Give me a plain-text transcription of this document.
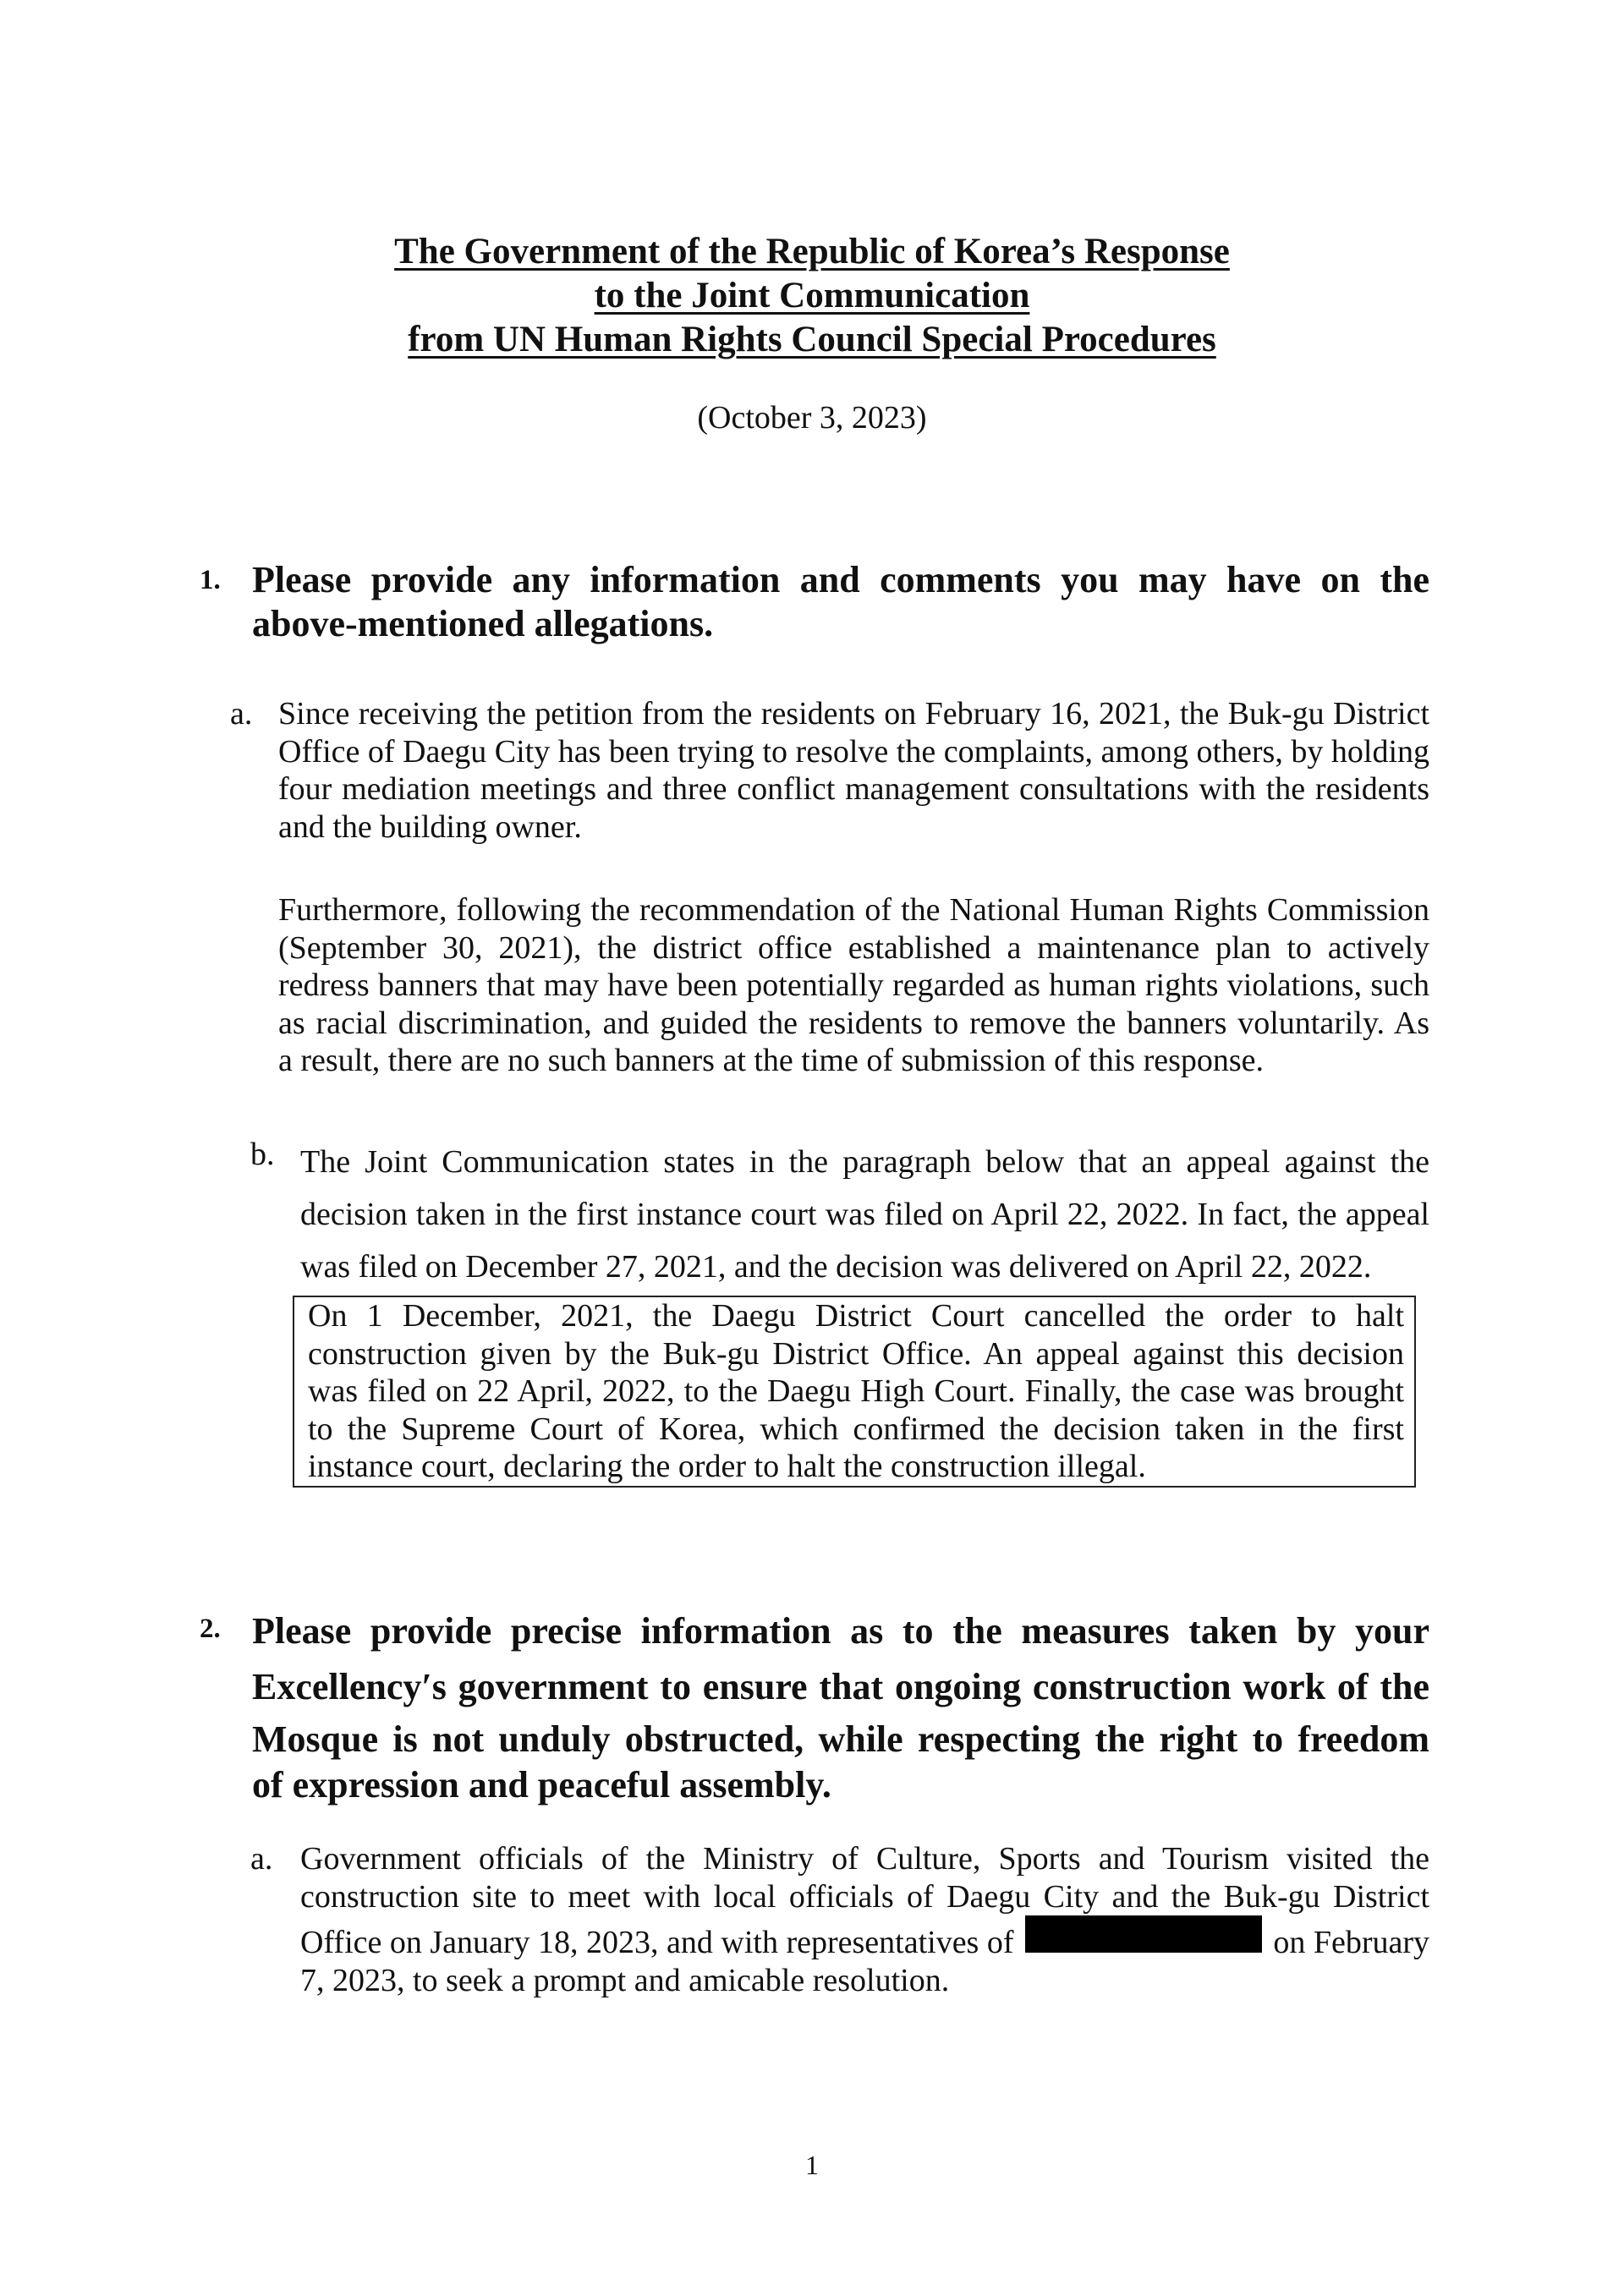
The Government of the Republic of Korea’s Response
to the Joint Communication
from UN Human Rights Council Special Procedures
(October 3, 2023)
1. Please provide any information and comments you may have on the
above-mentioned allegations.
a. Since receiving the petition from the residents on February 16, 2021, the Buk-gu District
Office of Daegu City has been trying to resolve the complaints, among others, by holding
four mediation meetings and three conflict management consultations with the residents
and the building owner.
Furthermore, following the recommendation of the National Human Rights Commission
(September 30, 2021), the district office established a maintenance plan to actively
redress banners that may have been potentially regarded as human rights violations, such
as racial discrimination, and guided the residents to remove the banners voluntarily. As
a result, there are no such banners at the time of submission of this response.
b. The Joint Communication states in the paragraph below that an appeal against the
decision taken in the first instance court was filed on April 22, 2022. In fact, the appeal
was filed on December 27, 2021, and the decision was delivered on April 22, 2022.
On 1 December, 2021, the Daegu District Court cancelled the order to halt
construction given by the Buk-gu District Office. An appeal against this decision
was filed on 22 April, 2022, to the Daegu High Court. Finally, the case was brought
to the Supreme Court of Korea, which confirmed the decision taken in the first
instance court, declaring the order to halt the construction illegal.
2. Please provide precise information as to the measures taken by your
Excellency′s government to ensure that ongoing construction work of the
Mosque is not unduly obstructed, while respecting the right to freedom
of expression and peaceful assembly.
a. Government officials of the Ministry of Culture, Sports and Tourism visited the
construction site to meet with local officials of Daegu City and the Buk-gu District
Office on January 18, 2023, and with representatives of	on February
7, 2023, to seek a prompt and amicable resolution.
1
